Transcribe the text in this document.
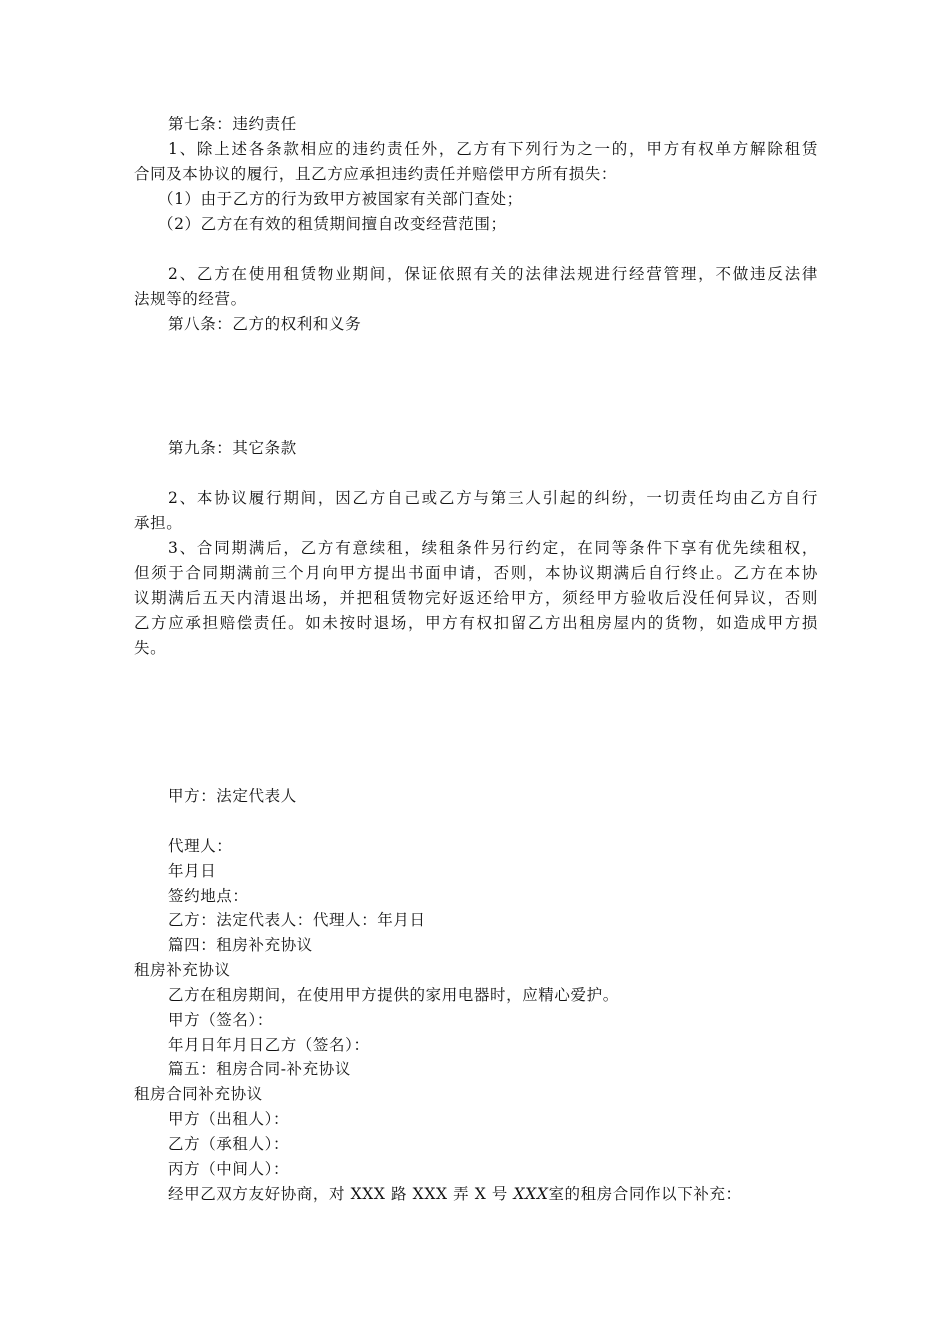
第七条：违约责任
1、除上述各条款相应的违约责任外，乙方有下列行为之一的，甲方有权单方解除租赁
合同及本协议的履行，且乙方应承担违约责任并赔偿甲方所有损失：
（1）由于乙方的行为致甲方被国家有关部门查处；
（2）乙方在有效的租赁期间擅自改变经营范围；
2、乙方在使用租赁物业期间，保证依照有关的法律法规进行经营管理，不做违反法律
法规等的经营。
第八条：乙方的权利和义务
第九条：其它条款
2、本协议履行期间，因乙方自己或乙方与第三人引起的纠纷，一切责任均由乙方自行
承担。
3、合同期满后，乙方有意续租，续租条件另行约定，在同等条件下享有优先续租权，
但须于合同期满前三个月向甲方提出书面申请，否则，本协议期满后自行终止。乙方在本协
议期满后五天内清退出场，并把租赁物完好返还给甲方，须经甲方验收后没任何异议，否则
乙方应承担赔偿责任。如未按时退场，甲方有权扣留乙方出租房屋内的货物，如造成甲方损
失。
甲方：法定代表人
代理人：
年月日
签约地点：
乙方：法定代表人：代理人：年月日
篇四：租房补充协议
租房补充协议
乙方在租房期间，在使用甲方提供的家用电器时，应精心爱护。
甲方（签名）：
年月日年月日乙方（签名）：
篇五：租房合同-补充协议
租房合同补充协议
甲方（出租人）：
乙方（承租人）：
丙方（中间人）：
经甲乙双方友好协商，对 XXX 路 XXX 弄 X 号 XXX室的租房合同作以下补充：
